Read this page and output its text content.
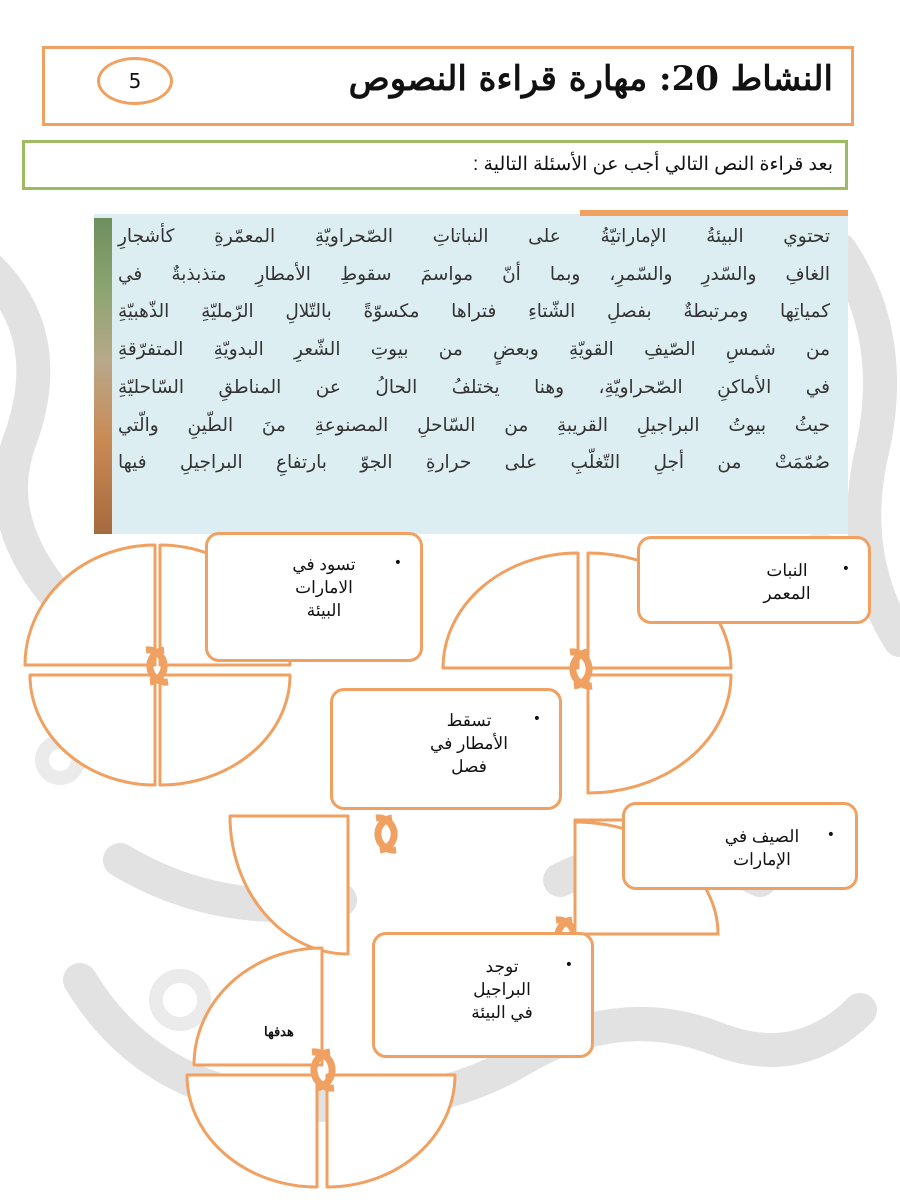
النشاط 20: مهارة قراءة النصوص
5
بعد قراءة النص التالي أجب عن الأسئلة التالية :
تحتوي البيئةُ الإماراتيّةُ على النباتاتِ الصّحراويّةِ المعمّرةِ كأشجارِ
الغافِ والسّدرِ والسّمرِ، وبما أنّ مواسمَ سقوطِ الأمطارِ متذبذبةٌ في
كمياتِها ومرتبطةٌ بفصلِ الشّتاءِ فتراها مكسوّةً بالتّلالِ الرّمليّةِ الذّهبيّةِ
من شمسِ الصّيفِ القويّةِ وبعضٍ من بيوتِ الشّعرِ البدويّةِ المتفرّقةِ
في الأماكنِ الصّحراويّةِ، وهنا يختلفُ الحالُ عن المناطقِ السّاحليّةِ
حيثُ بيوتُ البراجيلِ القريبةِ من السّاحلِ المصنوعةِ منَ الطّينِ والّتي
صُمّمَتْ من أجلِ التّغلّبِ على حرارةِ الجوّ بارتفاعِ البراجيلِ فيها
هدفها
•
تسود في
الامارات
البيئة
•
النبات
المعمر
•
تسقط
الأمطار في
فصل
•
الصيف في
الإمارات
•
توجد
البراجيل
في البيئة
